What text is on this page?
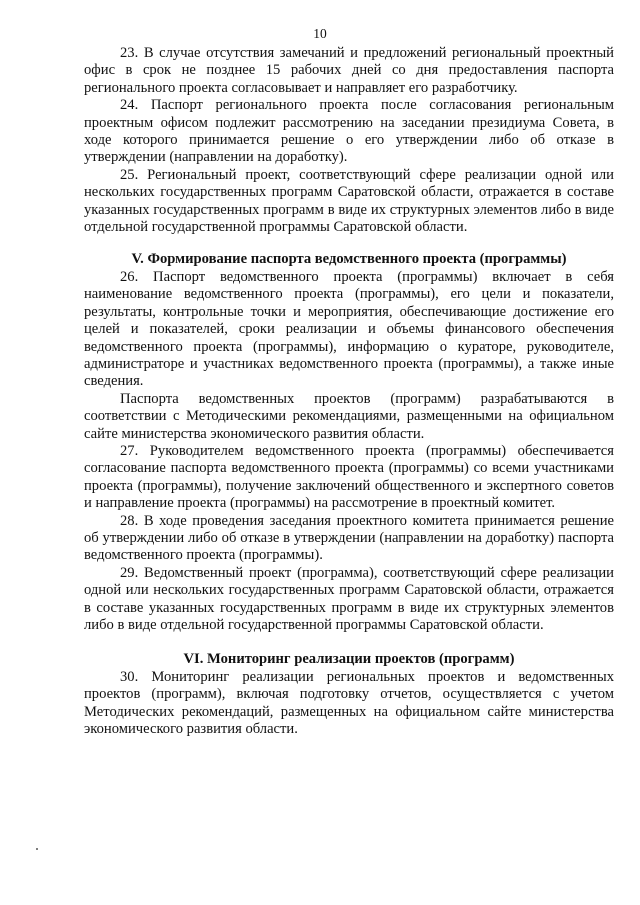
10

23. В случае отсутствия замечаний и предложений региональный проектный офис в срок не позднее 15 рабочих дней со дня предоставления паспорта регионального проекта согласовывает и направляет его разработчику.

24. Паспорт регионального проекта после согласования региональным проектным офисом подлежит рассмотрению на заседании президиума Совета, в ходе которого принимается решение о его утверждении либо об отказе в утверждении (направлении на доработку).

25. Региональный проект, соответствующий сфере реализации одной или нескольких государственных программ Саратовской области, отражается в составе указанных государственных программ в виде их структурных элементов либо в виде отдельной государственной программы Саратовской области.

V. Формирование паспорта ведомственного проекта (программы)

26. Паспорт ведомственного проекта (программы) включает в себя наименование ведомственного проекта (программы), его цели и показатели, результаты, контрольные точки и мероприятия, обеспечивающие достижение его целей и показателей, сроки реализации и объемы финансового обеспечения ведомственного проекта (программы), информацию о кураторе, руководителе, администраторе и участниках ведомственного проекта (программы), а также иные сведения.

Паспорта ведомственных проектов (программ) разрабатываются в соответствии с Методическими рекомендациями, размещенными на официальном сайте министерства экономического развития области.

27. Руководителем ведомственного проекта (программы) обеспечивается согласование паспорта ведомственного проекта (программы) со всеми участниками проекта (программы), получение заключений общественного и экспертного советов и направление проекта (программы) на рассмотрение в проектный комитет.

28. В ходе проведения заседания проектного комитета принимается решение об утверждении либо об отказе в утверждении (направлении на доработку) паспорта ведомственного проекта (программы).

29. Ведомственный проект (программа), соответствующий сфере реализации одной или нескольких государственных программ Саратовской области, отражается в составе указанных государственных программ в виде их структурных элементов либо в виде отдельной государственной программы Саратовской области.

VI. Мониторинг реализации проектов (программ)

30. Мониторинг реализации региональных проектов и ведомственных проектов (программ), включая подготовку отчетов, осуществляется с учетом Методических рекомендаций, размещенных на официальном сайте министерства экономического развития области.
